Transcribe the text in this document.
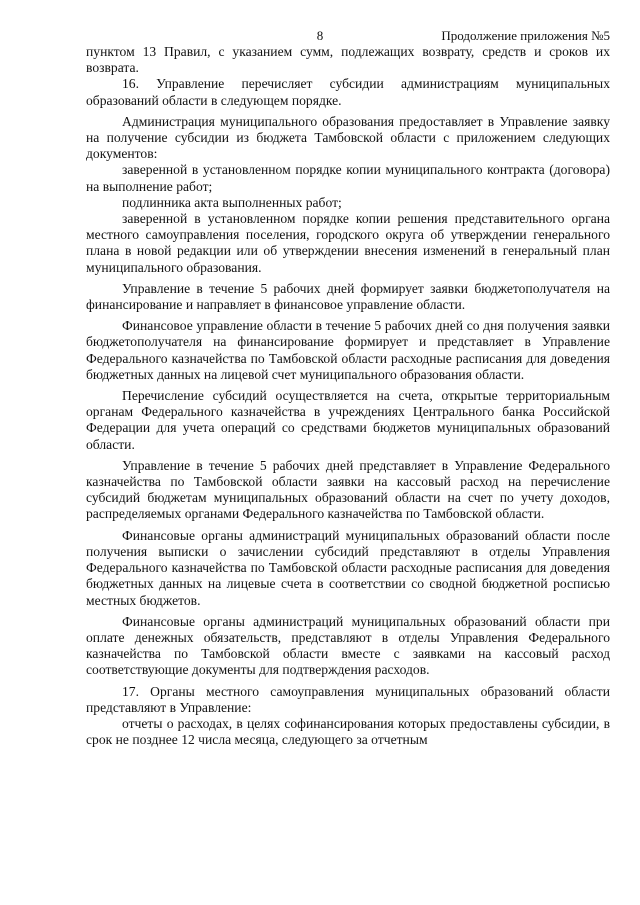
8	Продолжение приложения №5

пунктом 13 Правил, с указанием сумм, подлежащих возврату, средств и сроков их возврата.

16. Управление перечисляет субсидии администрациям муниципальных образований области в следующем порядке.

Администрация муниципального образования предоставляет в Управление заявку на получение субсидии из бюджета Тамбовской области с приложением следующих документов:

заверенной в установленном порядке копии муниципального контракта (договора) на выполнение работ;

подлинника акта выполненных работ;

заверенной в установленном порядке копии решения представительного органа местного самоуправления поселения, городского округа об утверждении генерального плана в новой редакции или об утверждении внесения изменений в генеральный план муниципального образования.

Управление в течение 5 рабочих дней формирует заявки бюджетополучателя на финансирование и направляет в финансовое управление области.

Финансовое управление области в течение 5 рабочих дней со дня получения заявки бюджетополучателя на финансирование формирует и представляет в Управление Федерального казначейства по Тамбовской области расходные расписания для доведения бюджетных данных на лицевой счет муниципального образования области.

Перечисление субсидий осуществляется на счета, открытые территориальным органам Федерального казначейства в учреждениях Центрального банка Российской Федерации для учета операций со средствами бюджетов муниципальных образований области.

Управление в течение 5 рабочих дней представляет в Управление Федерального казначейства по Тамбовской области заявки на кассовый расход на перечисление субсидий бюджетам муниципальных образований области на счет по учету доходов, распределяемых органами Федерального казначейства по Тамбовской области.

Финансовые органы администраций муниципальных образований области после получения выписки о зачислении субсидий представляют в отделы Управления Федерального казначейства по Тамбовской области расходные расписания для доведения бюджетных данных на лицевые счета в соответствии со сводной бюджетной росписью местных бюджетов.

Финансовые органы администраций муниципальных образований области при оплате денежных обязательств, представляют в отделы Управления Федерального казначейства по Тамбовской области вместе с заявками на кассовый расход соответствующие документы для подтверждения расходов.

17. Органы местного самоуправления муниципальных образований области представляют в Управление:

отчеты о расходах, в целях софинансирования которых предоставлены субсидии, в срок не позднее 12 числа месяца, следующего за отчетным
